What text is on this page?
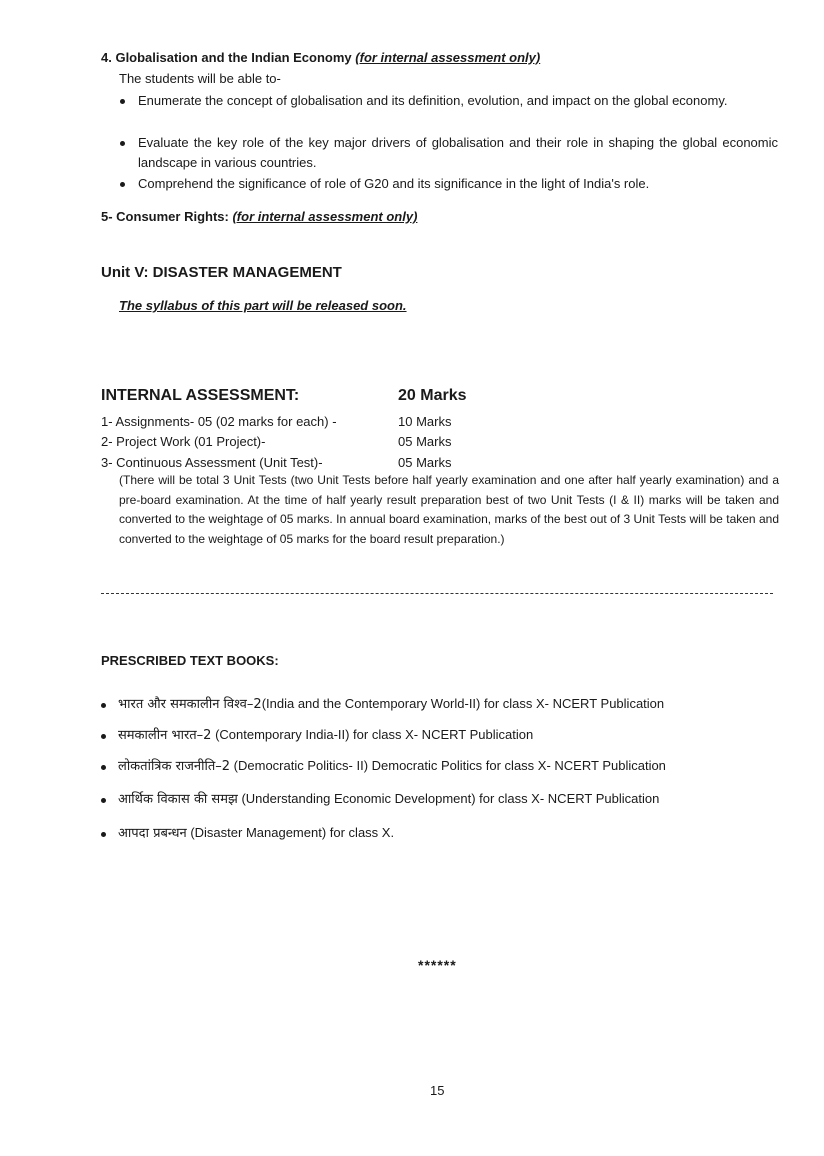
4. Globalisation and the Indian Economy (for internal assessment only)
The students will be able to-
Enumerate the concept of globalisation and its definition, evolution, and impact on the global economy.
Evaluate the key role of the key major drivers of globalisation and their role in shaping the global economic landscape in various countries.
Comprehend the significance of role of G20 and its significance in the light of India's role.
5- Consumer Rights: (for internal assessment only)
Unit V: DISASTER MANAGEMENT
The syllabus of this part will be released soon.
INTERNAL ASSESSMENT:	20 Marks
1- Assignments- 05 (02 marks for each) -	10 Marks
2- Project Work (01 Project)-	05 Marks
3- Continuous Assessment (Unit Test)-	05 Marks
(There will be total 3 Unit Tests (two Unit Tests before half yearly examination and one after half yearly examination) and a pre-board examination. At the time of half yearly result preparation best of two Unit Tests (I & II) marks will be taken and converted to the weightage of 05 marks. In annual board examination, marks of the best out of 3 Unit Tests will be taken and converted to the weightage of 05 marks for the board result preparation.)
PRESCRIBED TEXT BOOKS:
भारत और समकालीन विश्व–2(India and the Contemporary World-II) for class X- NCERT Publication
समकालीन भारत–2 (Contemporary India-II) for class X- NCERT Publication
लोकतांत्रिक राजनीति–2 (Democratic Politics- II) Democratic Politics for class X- NCERT Publication
आर्थिक विकास की समझ (Understanding Economic Development) for class X- NCERT Publication
आपदा प्रबन्धन (Disaster Management) for class X.
******
15
